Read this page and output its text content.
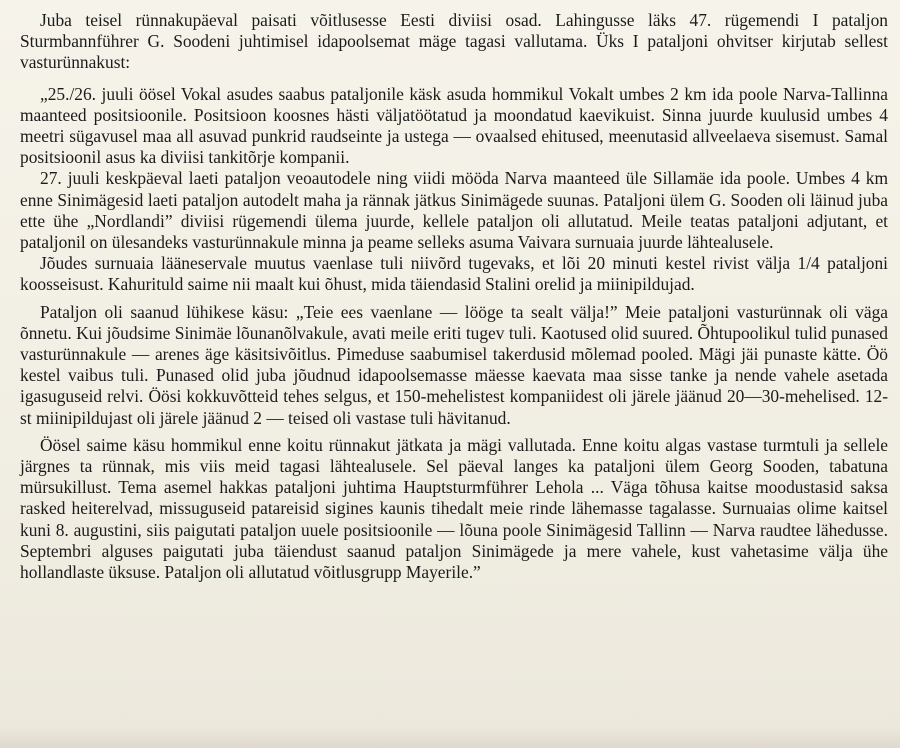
Juba teisel rünnakupäeval paisati võitlusesse Eesti diviisi osad. Lahingusse läks 47. rügemendi I pataljon Sturmbannführer G. Soodeni juhtimisel idapoolsemat mäge tagasi vallutama. Üks I pataljoni ohvitser kirjutab sellest vasturünnakust:

„25./26. juuli öösel Vokal asudes saabus pataljonile käsk asuda hommikul Vokalt umbes 2 km ida poole Narva-Tallinna maanteed positsioonile. Positsioon koosnes hästi väljatöötatud ja moondatud kaevikuist. Sinna juurde kuulusid umbes 4 meetri sügavusel maa all asuvad punkrid raudseinte ja ustega — ovaalsed ehitused, meenutasid allveelaeva sisemust. Samal positsioonil asus ka diviisi tankitõrje kompanii.

27. juuli keskpäeval laeti pataljon veoautodele ning viidi mööda Narva maanteed üle Sillamäe ida poole. Umbes 4 km enne Sinimägesid laeti pataljon autodelt maha ja rännak jätkus Sinimägede suunas. Pataljoni ülem G. Sooden oli läinud juba ette ühe „Nordlandi” diviisi rügemendi ülema juurde, kellele pataljon oli allutatud. Meile teatas pataljoni adjutant, et pataljonil on ülesandeks vasturünnakule minna ja peame selleks asuma Vaivara surnuaia juurde lähtealusele.

Jõudes surnuaia lääneservale muutus vaenlase tuli niivõrd tugevaks, et lõi 20 minuti kestel rivist välja 1/4 pataljoni koosseisust. Kahurituld saime nii maalt kui õhust, mida täiendasid Stalini orelid ja miinipildujad.

Pataljon oli saanud lühikese käsu: „Teie ees vaenlane — lööge ta sealt välja!” Meie pataljoni vasturünnak oli väga õnnetu. Kui jõudsime Sinimäe lõunanõlvakule, avati meile eriti tugev tuli. Kaotused olid suured. Õhtupoolikul tulid punased vasturünnakule — arenes äge käsitsivõitlus. Pimeduse saabumisel takerdusid mõlemad pooled. Mägi jäi punaste kätte. Öö kestel vaibus tuli. Punased olid juba jõudnud idapoolsemasse mäesse kaevata maa sisse tanke ja nende vahele asetada igasuguseid relvi. Öösi kokkuvõtteid tehes selgus, et 150-mehelistest kompaniidest oli järele jäänud 20—30-mehelised. 12-st miinipildujast oli järele jäänud 2 — teised oli vastase tuli hävitanud.

Öösel saime käsu hommikul enne koitu rünnakut jätkata ja mägi vallutada. Enne koitu algas vastase turmtuli ja sellele järgnes ta rünnak, mis viis meid tagasi lähtealusele. Sel päeval langes ka pataljoni ülem Georg Sooden, tabatuna mürsukillust. Tema asemel hakkas pataljoni juhtima Hauptsturmführer Lehola ... Väga tõhusa kaitse moodustasid saksa rasked heiterelvad, missuguseid patareisid sigines kaunis tihedalt meie rinde lähemasse tagalasse. Surnuaias olime kaitsel kuni 8. augustini, siis paigutati pataljon uuele positsioonile — lõuna poole Sinimägesid Tallinn — Narva raudtee lähedusse. Septembri alguses paigutati juba täiendust saanud pataljon Sinimägede ja mere vahele, kust vahetasime välja ühe hollandlaste üksuse. Pataljon oli allutatud võitlusgrupp Mayerile.”
